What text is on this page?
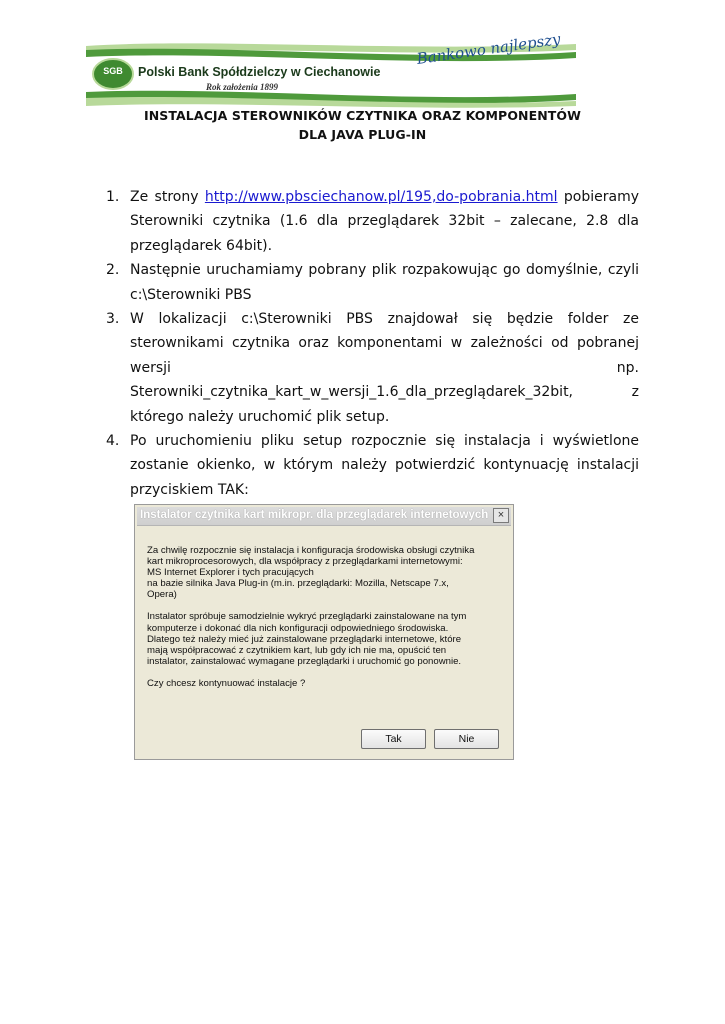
SGB	Polski Bank Spółdzielczy w Ciechanowie
Rok założenia 1899
Bankowo najlepszy
INSTALACJA STEROWNIKÓW CZYTNIKA ORAZ KOMPONENTÓW
DLA JAVA PLUG-IN
1. Ze strony http://www.pbsciechanow.pl/195,do-pobrania.html pobieramy Sterowniki czytnika (1.6 dla przeglądarek 32bit – zalecane, 2.8 dla przeglądarek 64bit).
2. Następnie uruchamiamy pobrany plik rozpakowując go domyślnie, czyli c:\Sterowniki PBS
3. W lokalizacji c:\Sterowniki PBS znajdował się będzie folder ze sterownikami czytnika oraz komponentami w zależności od pobranej wersji np. Sterowniki_czytnika_kart_w_wersji_1.6_dla_przeglądarek_32bit, z którego należy uruchomić plik setup.
4. Po uruchomieniu pliku setup rozpocznie się instalacja i wyświetlone zostanie okienko, w którym należy potwierdzić kontynuację instalacji przyciskiem TAK:
Instalator czytnika kart mikropr. dla przeglądarek internetowych ×

Za chwilę rozpocznie się instalacja i konfiguracja środowiska obsługi czytnika
kart mikroprocesorowych, dla współpracy z przeglądarkami internetowymi:
MS Internet Explorer i tych pracujących
na bazie silnika Java Plug-in (m.in. przeglądarki: Mozilla, Netscape 7.x,
Opera)

Instalator spróbuje samodzielnie wykryć przeglądarki zainstalowane na tym
komputerze i dokonać dla nich konfiguracji odpowiedniego środowiska.
Dlatego też należy mieć już zainstalowane przeglądarki internetowe, które
mają współpracować z czytnikiem kart, lub gdy ich nie ma, opuścić ten
instalator, zainstalować wymagane przeglądarki i uruchomić go ponownie.

Czy chcesz kontynuować instalacje ?

Tak	Nie
